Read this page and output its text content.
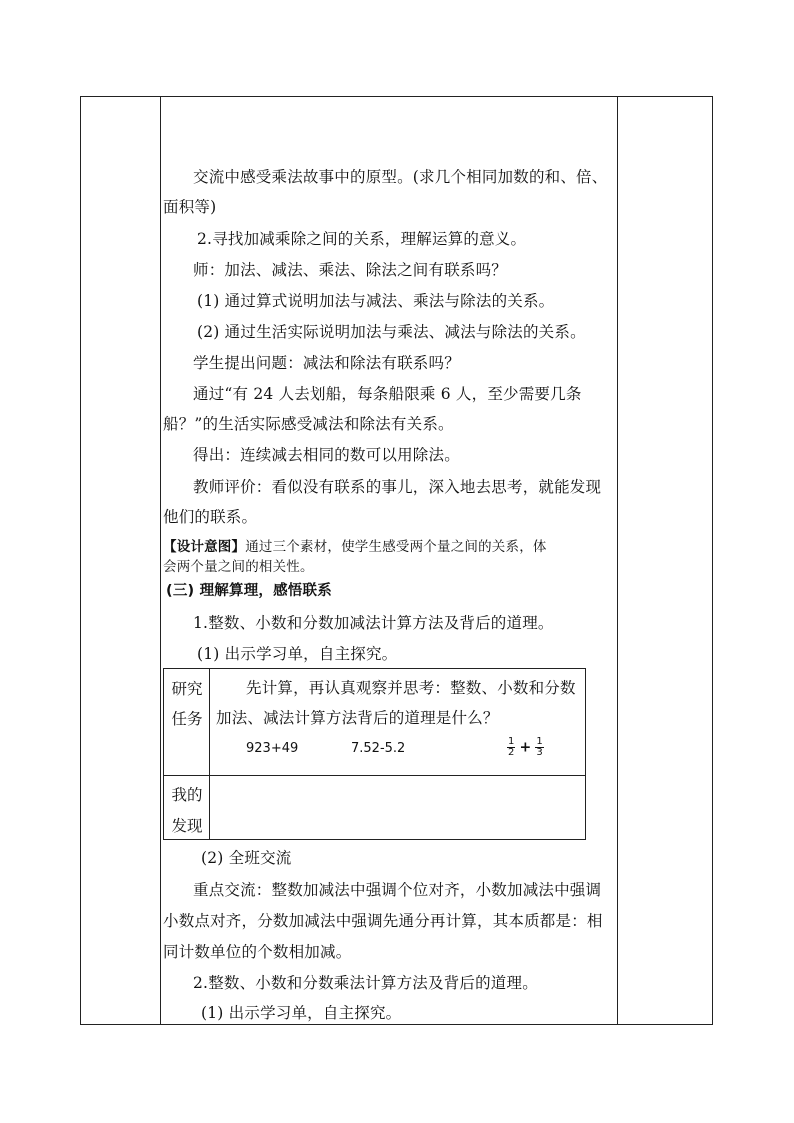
交流中感受乘法故事中的原型。(求几个相同加数的和、倍、
面积等)
2.寻找加减乘除之间的关系，理解运算的意义。
师：加法、减法、乘法、除法之间有联系吗？
(1) 通过算式说明加法与减法、乘法与除法的关系。
(2) 通过生活实际说明加法与乘法、减法与除法的关系。
学生提出问题：减法和除法有联系吗？
通过“有 24 人去划船，每条船限乘 6 人，至少需要几条
船？”的生活实际感受减法和除法有关系。
得出：连续减去相同的数可以用除法。
教师评价：看似没有联系的事儿，深入地去思考，就能发现
他们的联系。
【设计意图】通过三个素材，使学生感受两个量之间的关系，体
会两个量之间的相关性。
(三) 理解算理，感悟联系
1.整数、小数和分数加减法计算方法及背后的道理。
(1) 出示学习单，自主探究。
研究
任务
先计算，再认真观察并思考：整数、小数和分数
加法、减法计算方法背后的道理是什么？
923+49	7.52-5.2	$\frac{1}{2} + \frac{1}{3}$
我的
发现
(2) 全班交流
重点交流：整数加减法中强调个位对齐，小数加减法中强调
小数点对齐，分数加减法中强调先通分再计算，其本质都是：相
同计数单位的个数相加减。
2.整数、小数和分数乘法计算方法及背后的道理。
(1) 出示学习单，自主探究。
